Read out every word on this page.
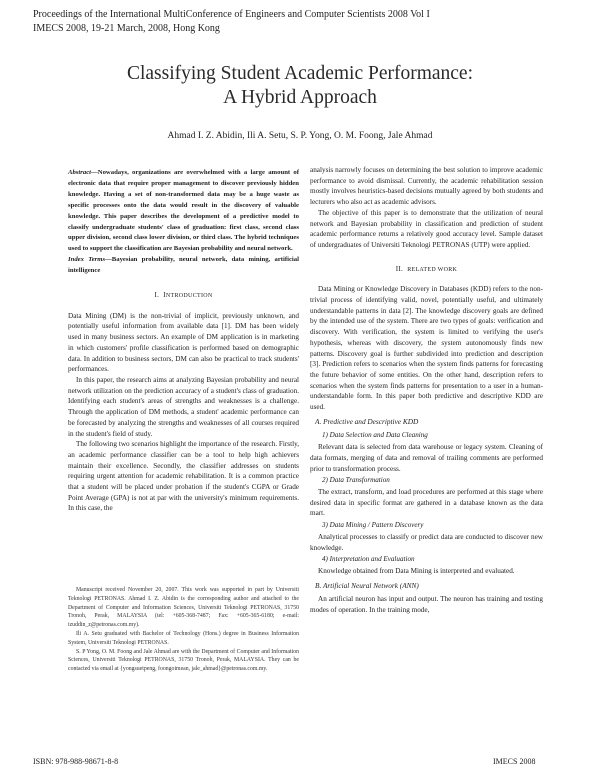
Proceedings of the International MultiConference of Engineers and Computer Scientists 2008 Vol I
IMECS 2008, 19-21 March, 2008, Hong Kong
Classifying Student Academic Performance:
A Hybrid Approach
Ahmad I. Z. Abidin, Ili A. Setu, S. P. Yong, O. M. Foong, Jale Ahmad

Abstract—Nowadays, organizations are overwhelmed with a large amount of electronic data that require proper management to discover previously hidden knowledge. Having a set of non-transformed data may be a huge waste as specific processes onto the data would result in the discovery of valuable knowledge. This paper describes the development of a predictive model to classify undergraduate students' class of graduation: first class, second class upper division, second class lower division, or third class. The hybrid techniques used to support the classification are Bayesian probability and neural network.

Index Terms—Bayesian probability, neural network, data mining, artificial intelligence

I. INTRODUCTION

Data Mining (DM) is the non-trivial of implicit, previously unknown, and potentially useful information from available data [1]. DM has been widely used in many business sectors. An example of DM application is in marketing in which customers' profile classification is performed based on demographic data. In addition to business sectors, DM can also be practical to track students' performances.

In this paper, the research aims at analyzing Bayesian probability and neural network utilization on the prediction accuracy of a student's class of graduation. Identifying each student's areas of strengths and weaknesses is a challenge. Through the application of DM methods, a student' academic performance can be forecasted by analyzing the strengths and weaknesses of all courses required in the student's field of study.

The following two scenarios highlight the importance of the research. Firstly, an academic performance classifier can be a tool to help high achievers maintain their excellence. Secondly, the classifier addresses on students requiring urgent attention for academic rehabilitation. It is a common practice that a student will be placed under probation if the student's CGPA or Grade Point Average (GPA) is not at par with the university's minimum requirements. In this case, the

Manuscript received November 20, 2007. This work was supported in part by Universiti Teknologi PETRONAS. Ahmad I. Z. Abidin is the corresponding author and attached to the Department of Computer and Information Sciences, Universiti Teknologi PETRONAS, 31750 Tronoh, Perak, MALAYSIA (tel: +605-368-7487; Fax: +605-365-6180; e-mail: izuddin_z@petronas.com.my).

Ili A. Setu graduated with Bachelor of Technology (Hons.) degree in Business Information System, Universiti Teknologi PETRONAS.

S. P Yong, O. M. Foong and Jale Ahmad are with the Department of Computer and Information Sciences, Universiti Teknologi PETRONAS, 31750 Tronoh, Perak, MALAYSIA. They can be contacted via email at {yongsuetpeng, foongoimean, jale_ahmad}@petronas.com.my.

analysis narrowly focuses on determining the best solution to improve academic performance to avoid dismissal. Currently, the academic rehabilitation session mostly involves heuristics-based decisions mutually agreed by both students and lecturers who also act as academic advisors.

The objective of this paper is to demonstrate that the utilization of neural network and Bayesian probability in classification and prediction of student academic performance returns a relatively good accuracy level. Sample dataset of undergraduates of Universiti Teknologi PETRONAS (UTP) were applied.

II. RELATED WORK

Data Mining or Knowledge Discovery in Databases (KDD) refers to the non-trivial process of identifying valid, novel, potentially useful, and ultimately understandable patterns in data [2]. The knowledge discovery goals are defined by the intended use of the system. There are two types of goals: verification and discovery. With verification, the system is limited to verifying the user's hypothesis, whereas with discovery, the system autonomously finds new patterns. Discovery goal is further subdivided into prediction and description [3]. Prediction refers to scenarios when the system finds patterns for forecasting the future behavior of some entities. On the other hand, description refers to scenarios when the system finds patterns for presentation to a user in a human-understandable form. In this paper both predictive and descriptive KDD are used.

A. Predictive and Descriptive KDD
1) Data Selection and Data Cleaning

Relevant data is selected from data warehouse or legacy system. Cleaning of data formats, merging of data and removal of trailing comments are performed prior to transformation process.

2) Data Transformation

The extract, transform, and load procedures are performed at this stage where desired data in specific format are gathered in a database known as the data mart.

3) Data Mining / Pattern Discovery

Analytical processes to classify or predict data are conducted to discover new knowledge.

4) Interpretation and Evaluation

Knowledge obtained from Data Mining is interpreted and evaluated.

B. Artificial Neural Network (ANN)

An artificial neuron has input and output. The neuron has training and testing modes of operation. In the training mode,

ISBN: 978-988-98671-8-8	IMECS 2008
